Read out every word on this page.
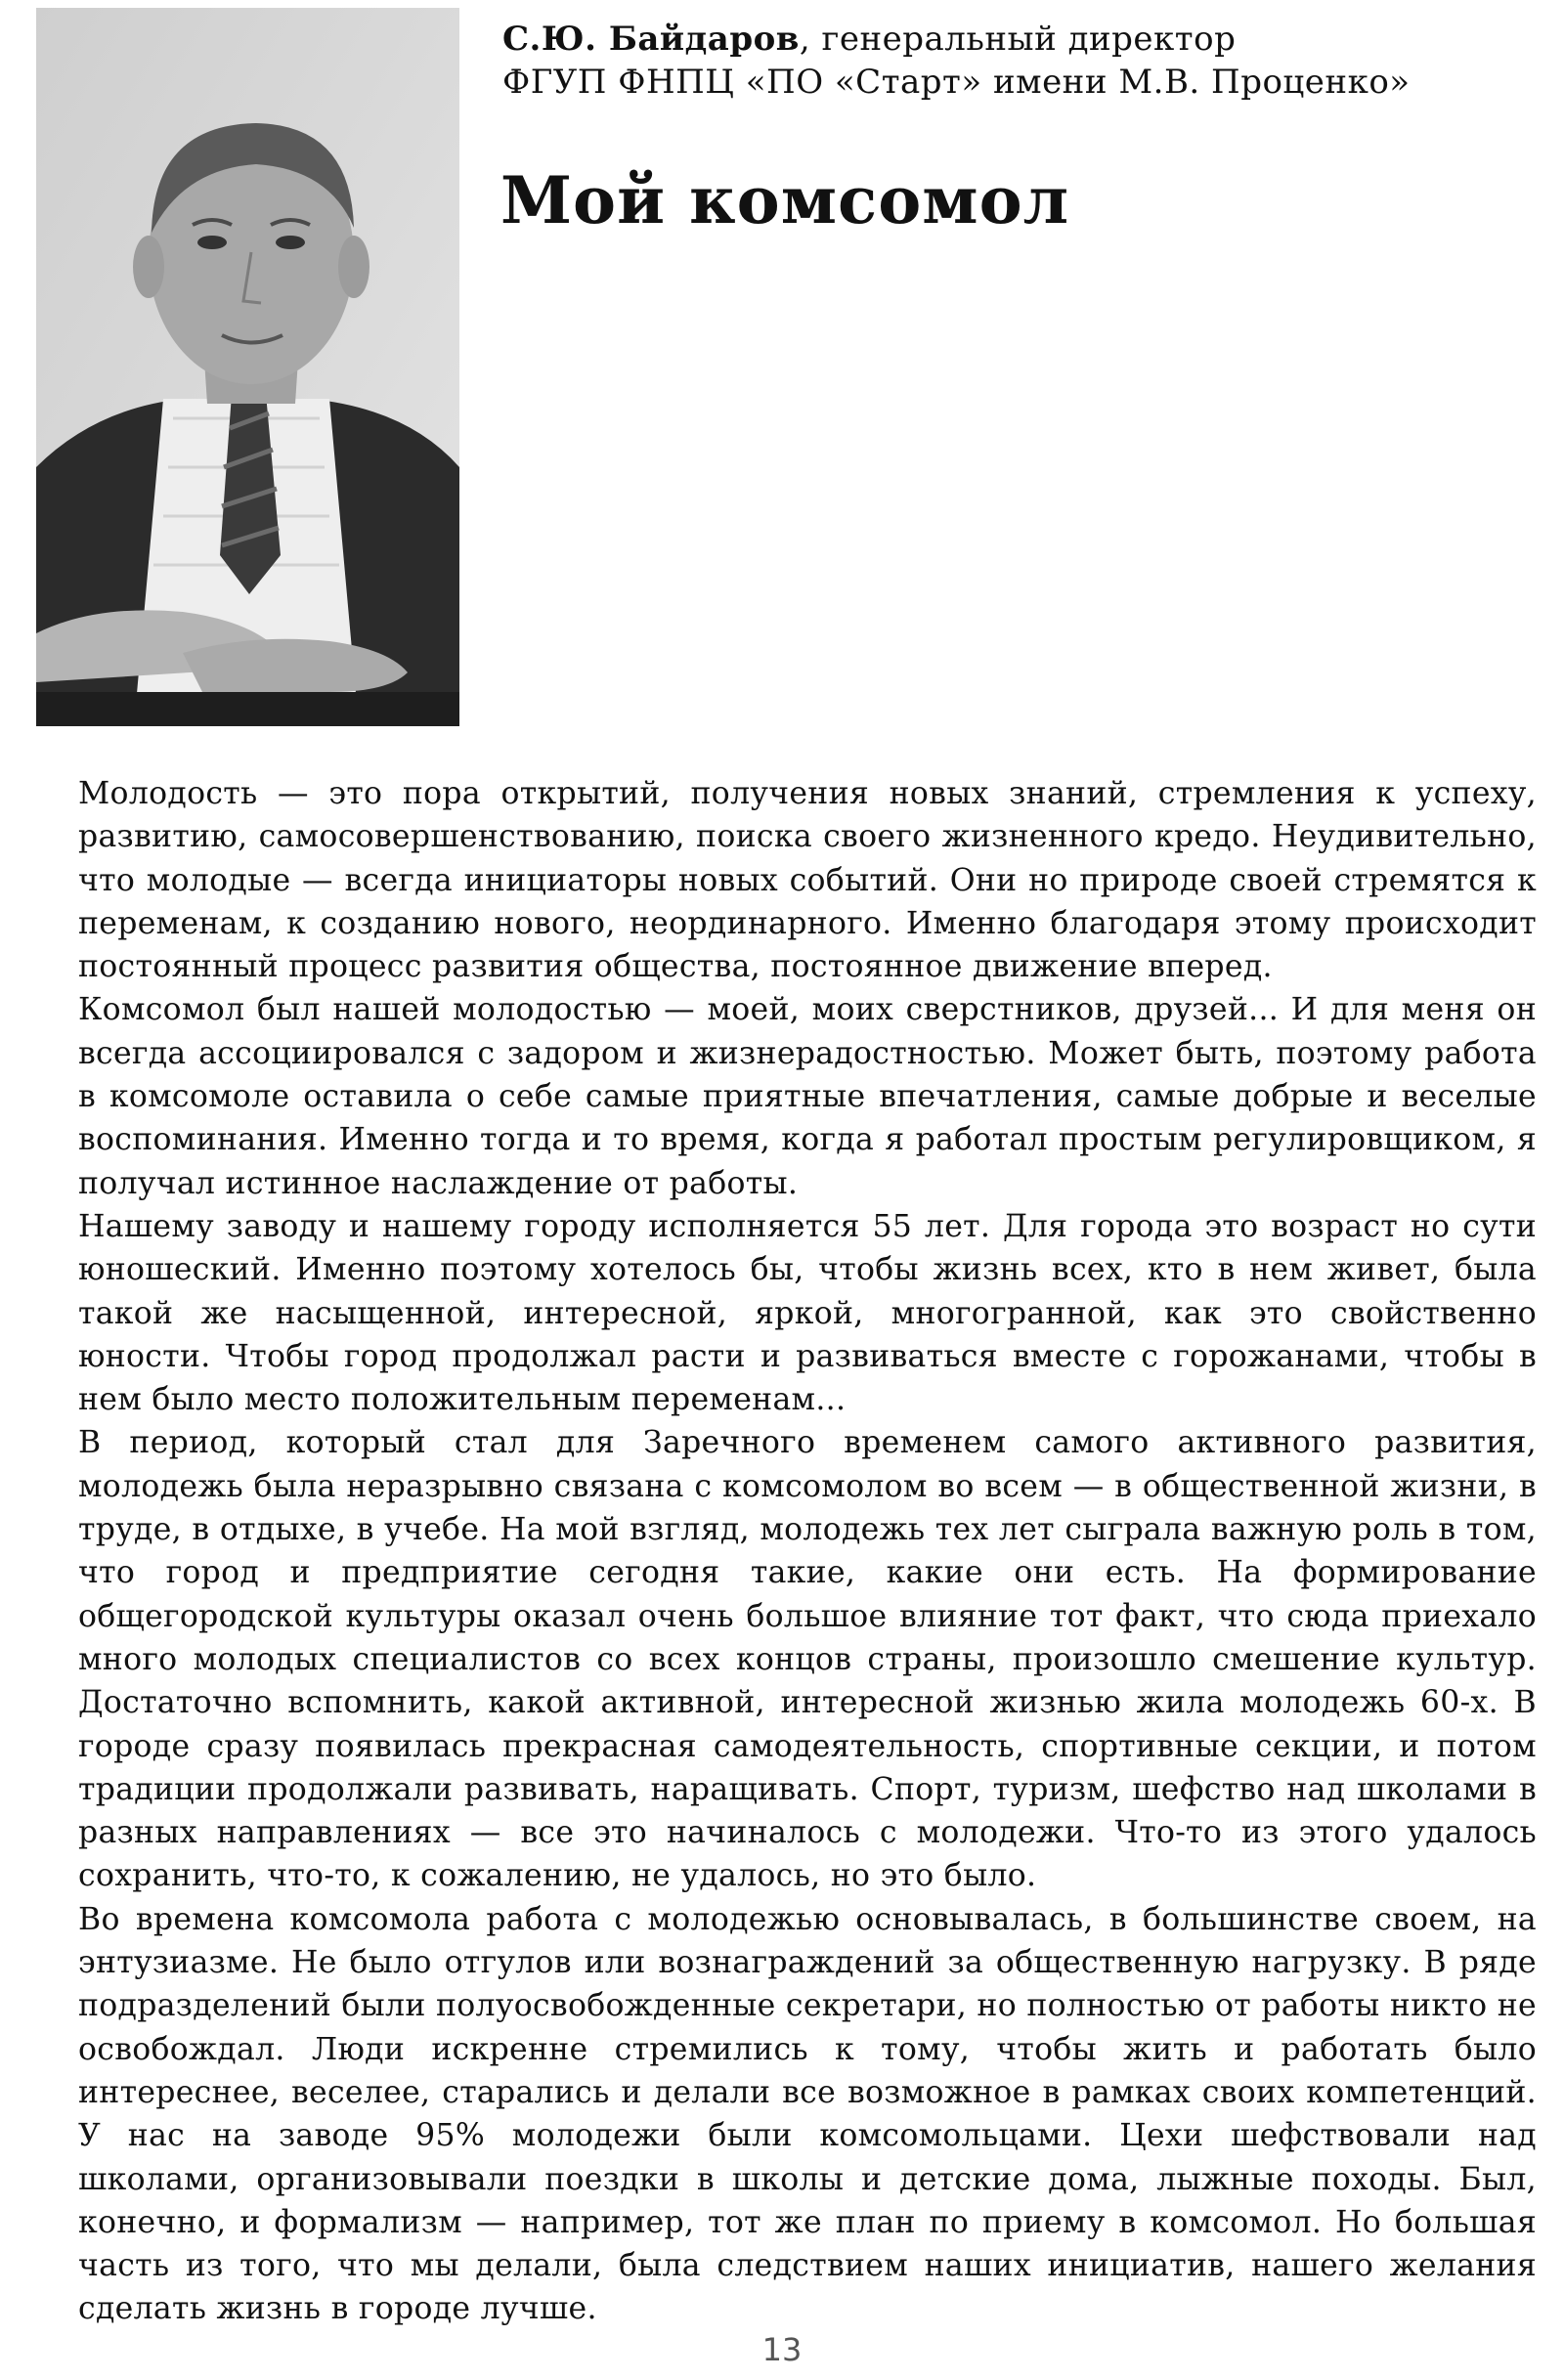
С.Ю. Байдаров, генеральный директор
ФГУП ФНПЦ «ПО «Старт» имени М.В. Проценко»
Мой комсомол

Молодость — это пора открытий, получения новых знаний, стремления к успеху, развитию, самосовершенствованию, поиска своего жизненного кредо. Неудивительно, что молодые — всегда инициаторы новых событий. Они но природе своей стремятся к переменам, к созданию нового, неординарного. Именно благодаря этому происходит постоянный процесс развития общества, постоянное движение вперед.

Комсомол был нашей молодостью — моей, моих сверстников, друзей... И для меня он всегда ассоциировался с задором и жизнерадостностью. Может быть, поэтому работа в комсомоле оставила о себе самые приятные впечатления, самые добрые и веселые воспоминания. Именно тогда и то время, когда я работал простым регулировщиком, я получал истинное наслаждение от работы.

Нашему заводу и нашему городу исполняется 55 лет. Для города это возраст но сути юношеский. Именно поэтому хотелось бы, чтобы жизнь всех, кто в нем живет, была такой же насыщенной, интересной, яркой, многогранной, как это свойственно юности. Чтобы город продолжал расти и развиваться вместе с горожанами, чтобы в нем было место положительным переменам...

В период, который стал для Заречного временем самого активного развития, молодежь была неразрывно связана с комсомолом во всем — в общественной жизни, в труде, в отдыхе, в учебе. На мой взгляд, молодежь тех лет сыграла важную роль в том, что город и предприятие сегодня такие, какие они есть. На формирование общегородской культуры оказал очень большое влияние тот факт, что сюда приехало много молодых специалистов со всех концов страны, произошло смешение культур. Достаточно вспомнить, какой активной, интересной жизнью жила молодежь 60-х. В городе сразу появилась прекрасная самодеятельность, спортивные секции, и потом традиции продолжали развивать, наращивать. Спорт, туризм, шефство над школами в разных направлениях — все это начиналось с молодежи. Что-то из этого удалось сохранить, что-то, к сожалению, не удалось, но это было.

Во времена комсомола работа с молодежью основывалась, в большинстве своем, на энтузиазме. Не было отгулов или вознаграждений за общественную нагрузку. В ряде подразделений были полуосвобожденные секретари, но полностью от работы никто не освобождал. Люди искренне стремились к тому, чтобы жить и работать было интереснее, веселее, старались и делали все возможное в рамках своих компетенций. У нас на заводе 95% молодежи были комсомольцами. Цехи шефствовали над школами, организовывали поездки в школы и детские дома, лыжные походы. Был, конечно, и формализм — например, тот же план по приему в комсомол. Но большая часть из того, что мы делали, была следствием наших инициатив, нашего желания сделать жизнь в городе лучше.

13
